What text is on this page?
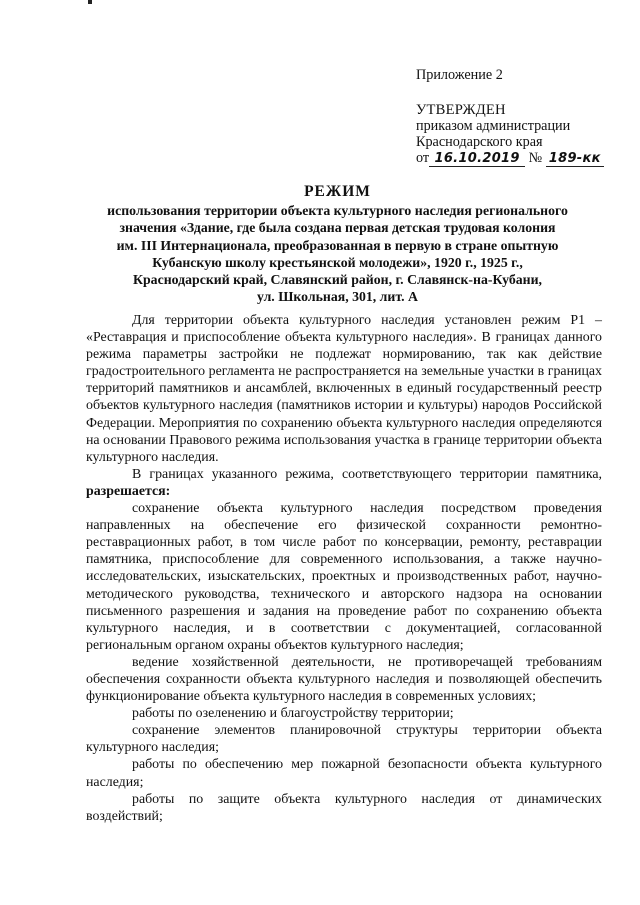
Приложение 2
УТВЕРЖДЕН
приказом администрации
Краснодарского края
от 16.10.2019 № 189-кк
РЕЖИМ
использования территории объекта культурного наследия регионального
значения «Здание, где была создана первая детская трудовая колония
им. III Интернационала, преобразованная в первую в стране опытную
Кубанскую школу крестьянской молодежи», 1920 г., 1925 г.,
Краснодарский край, Славянский район, г. Славянск-на-Кубани,
ул. Школьная, 301, лит. А

Для территории объекта культурного наследия установлен режим Р1 – «Реставрация и приспособление объекта культурного наследия». В границах данного режима параметры застройки не подлежат нормированию, так как действие градостроительного регламента не распространяется на земельные участки в границах территорий памятников и ансамблей, включенных в единый государственный реестр объектов культурного наследия (памятников истории и культуры) народов Российской Федерации. Мероприятия по сохранению объекта культурного наследия определяются на основании Правового режима использования участка в границе территории объекта культурного наследия.

В границах указанного режима, соответствующего территории памятника, разрешается:

сохранение объекта культурного наследия посредством проведения направленных на обеспечение его физической сохранности ремонтно-реставрационных работ, в том числе работ по консервации, ремонту, реставрации памятника, приспособление для современного использования, а также научно-исследовательских, изыскательских, проектных и производственных работ, научно-методического руководства, технического и авторского надзора на основании письменного разрешения и задания на проведение работ по сохранению объекта культурного наследия, и в соответствии с документацией, согласованной региональным органом охраны объектов культурного наследия;

ведение хозяйственной деятельности, не противоречащей требованиям обеспечения сохранности объекта культурного наследия и позволяющей обеспечить функционирование объекта культурного наследия в современных условиях;

работы по озеленению и благоустройству территории;

сохранение элементов планировочной структуры территории объекта культурного наследия;

работы по обеспечению мер пожарной безопасности объекта культурного наследия;

работы по защите объекта культурного наследия от динамических воздействий;
